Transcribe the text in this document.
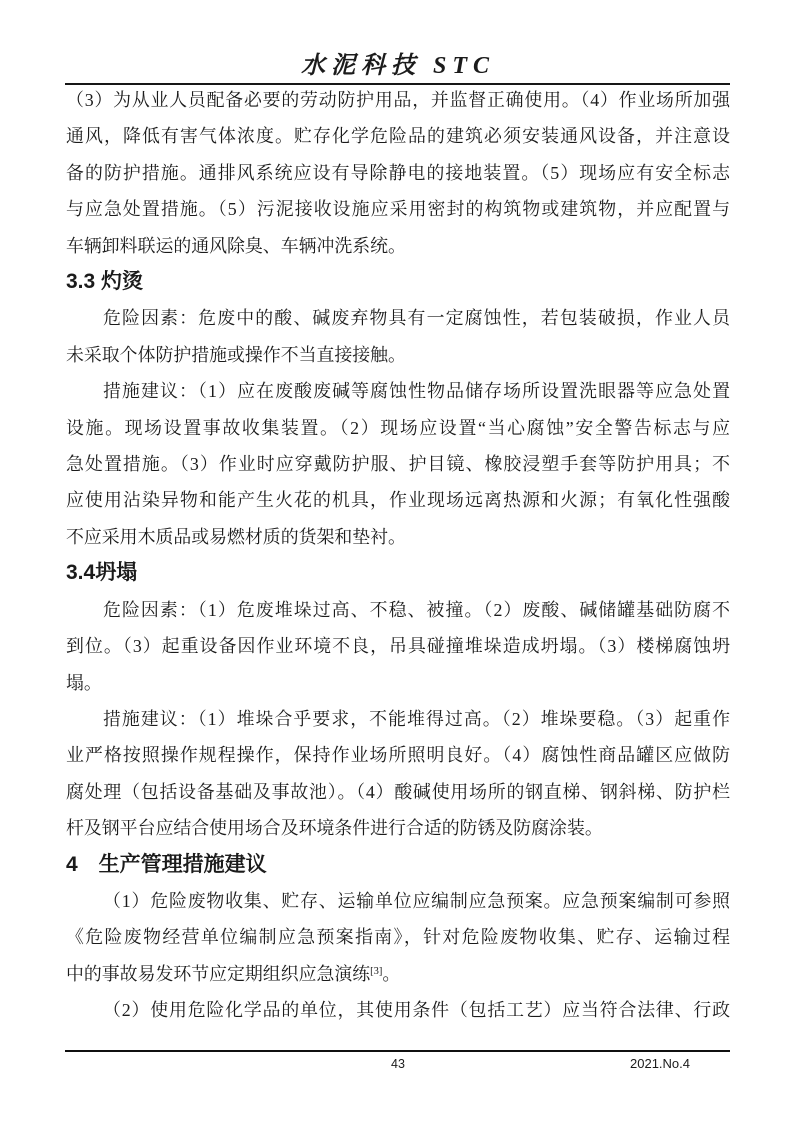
水泥科技 STC
（3）为从业人员配备必要的劳动防护用品，并监督正确使用。（4）作业场所加强
通风，降低有害气体浓度。贮存化学危险品的建筑必须安装通风设备，并注意设
备的防护措施。通排风系统应设有导除静电的接地装置。（5）现场应有安全标志
与应急处置措施。（5）污泥接收设施应采用密封的构筑物或建筑物，并应配置与
车辆卸料联运的通风除臭、车辆冲洗系统。
3.3 灼烫
危险因素：危废中的酸、碱废弃物具有一定腐蚀性，若包装破损，作业人员
未采取个体防护措施或操作不当直接接触。
措施建议：（1）应在废酸废碱等腐蚀性物品储存场所设置洗眼器等应急处置
设施。现场设置事故收集装置。（2）现场应设置“当心腐蚀”安全警告标志与应
急处置措施。（3）作业时应穿戴防护服、护目镜、橡胶浸塑手套等防护用具；不
应使用沾染异物和能产生火花的机具，作业现场远离热源和火源；有氧化性强酸
不应采用木质品或易燃材质的货架和垫衬。
3.4坍塌
危险因素：（1）危废堆垛过高、不稳、被撞。（2）废酸、碱储罐基础防腐不
到位。（3）起重设备因作业环境不良，吊具碰撞堆垛造成坍塌。（3）楼梯腐蚀坍
塌。
措施建议：（1）堆垛合乎要求，不能堆得过高。（2）堆垛要稳。（3）起重作
业严格按照操作规程操作，保持作业场所照明良好。（4）腐蚀性商品罐区应做防
腐处理（包括设备基础及事故池）。（4）酸碱使用场所的钢直梯、钢斜梯、防护栏
杆及钢平台应结合使用场合及环境条件进行合适的防锈及防腐涂装。
4　生产管理措施建议
（1）危险废物收集、贮存、运输单位应编制应急预案。应急预案编制可参照
《危险废物经营单位编制应急预案指南》，针对危险废物收集、贮存、运输过程
中的事故易发环节应定期组织应急演练[3]。
（2）使用危险化学品的单位，其使用条件（包括工艺）应当符合法律、行政
43	2021.No.4
